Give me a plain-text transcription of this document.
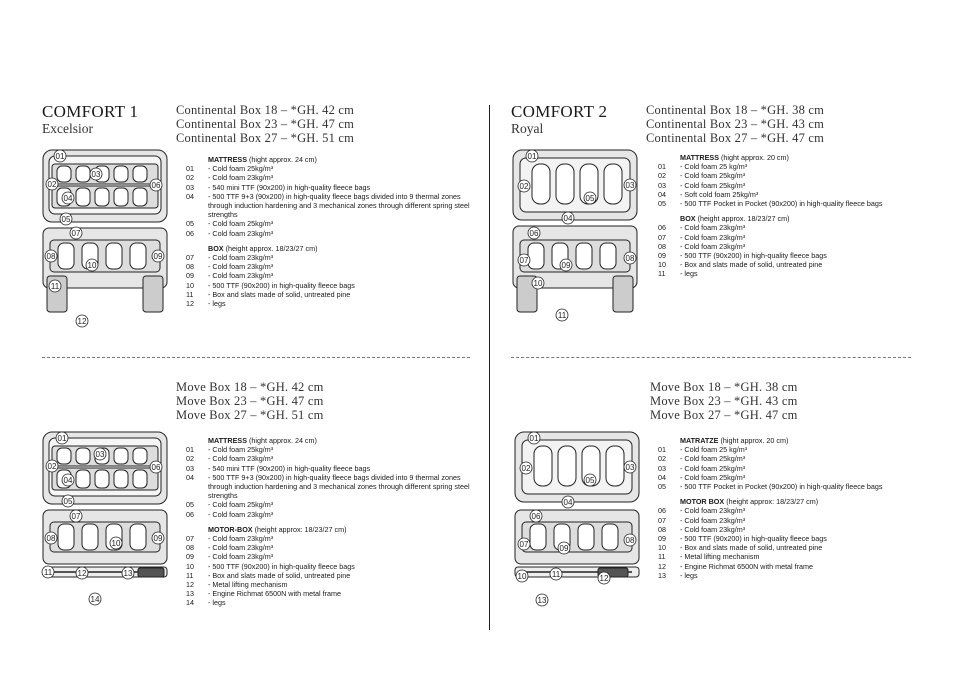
COMFORT 1
Excelsior
Continental Box 18 – *GH. 42 cm
Continental Box 23 – *GH. 47 cm
Continental Box 27 – *GH. 51 cm
01
02
03
04
05
06
07
08	09
10
11
12
MATTRESS (hight approx. 24 cm)
01	- Cold foam 25kg/m³
02	- Cold foam 23kg/m³
03	- 540 mini TTF (90x200) in high-quality fleece bags
04	- 500 TTF 9+3 (90x200) in high-quality fleece bags divided into 9 thermal zones through induction hardening and 3 mechanical zones through different spring steel strengths
05	- Cold foam 25kg/m³
06	- Cold foam 23kg/m³
BOX (height approx. 18/23/27 cm)
07	- Cold foam 23kg/m³
08	- Cold foam 23kg/m³
09	- Cold foam 23kg/m³
10	- 500 TTF (90x200) in high-quality fleece bags
11	- Box and slats made of solid, untreated pine
12	- legs
COMFORT 2
Royal
Continental Box 18 – *GH. 38 cm
Continental Box 23 – *GH. 43 cm
Continental Box 27 – *GH. 47 cm
01
02	03
04
05
06
07	08
09
10
11
MATTRESS (hight approx. 20 cm)
01	- Cold foam 25 kg/m³
02	- Cold foam 25kg/m³
03	- Cold foam 25kg/m³
04	- Soft cold foam 25kg/m³
05	- 500 TTF Pocket in Pocket (90x200) in high-quality fleece bags
BOX (height approx. 18/23/27 cm)
06	- Cold foam 23kg/m³
07	- Cold foam 23kg/m³
08	- Cold foam 23kg/m³
09	- 500 TTF (90x200) in high-quality fleece bags
10	- Box and slats made of solid, untreated pine
11	- legs
Move Box 18 – *GH. 42 cm
Move Box 23 – *GH. 47 cm
Move Box 27 – *GH. 51 cm
01
02
03
04
05
06
07
08	09
10
11	12	13
14
MATTRESS (hight approx. 24 cm)
01	- Cold foam 25kg/m³
02	- Cold foam 23kg/m³
03	- 540 mini TTF (90x200) in high-quality fleece bags
04	- 500 TTF 9+3 (90x200) in high-quality fleece bags divided into 9 thermal zones through induction hardening and 3 mechanical zones through different spring steel strengths
05	- Cold foam 25kg/m³
06	- Cold foam 23kg/m³
MOTOR-BOX (height approx: 18/23/27 cm)
07	- Cold foam 23kg/m³
08	- Cold foam 23kg/m³
09	- Cold foam 23kg/m³
10	- 500 TTF (90x200) in high-quality fleece bags
11	- Box and slats made of solid, untreated pine
12	- Metal lifting mechanism
13	- Engine Richmat 6500N with metal frame
14	- legs
Move Box 18 – *GH. 38 cm
Move Box 23 – *GH. 43 cm
Move Box 27 – *GH. 47 cm
01
02	03
04
05
06
07	08
09
10	11	12
13
MATRATZE (hight approx. 20 cm)
01	- Cold foam 25 kg/m³
02	- Cold foam 25kg/m³
03	- Cold foam 25kg/m³
04	- Cold foam 25kg/m³
05	- 500 TTF Pocket in Pocket (90x200) in high-quality fleece bags
MOTOR BOX (height approx: 18/23/27 cm)
06	- Cold foam 23kg/m³
07	- Cold foam 23kg/m³
08	- Cold foam 23kg/m³
09	- 500 TTF (90x200) in high-quality fleece bags
10	- Box and slats made of solid, untreated pine
11	- Metal lifting mechanism
12	- Engine Richmat 6500N with metal frame
13	- legs
